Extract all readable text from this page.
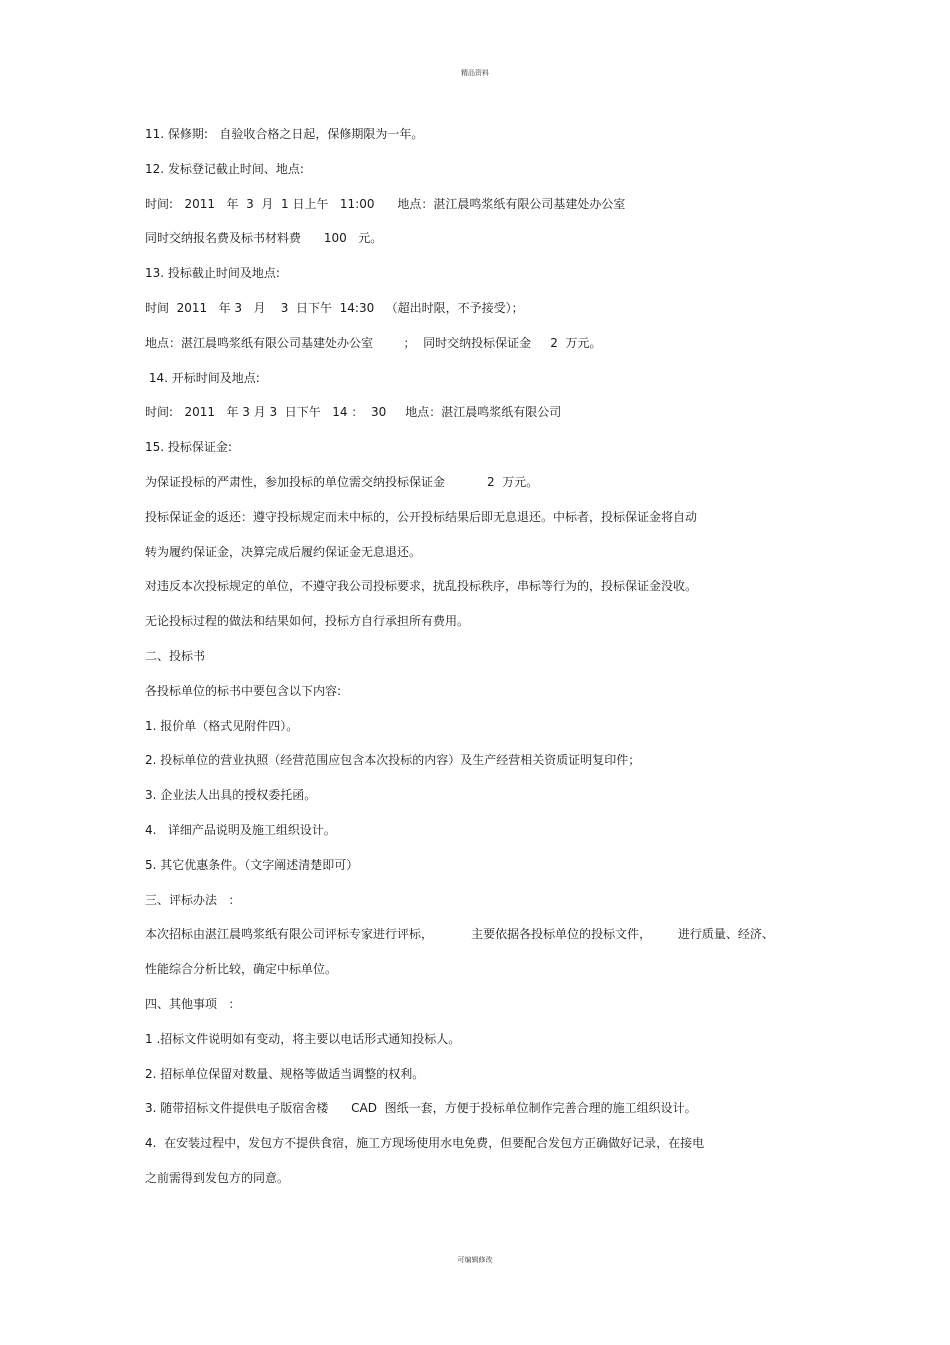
精品资料
11. 保修期:   自验收合格之日起，保修期限为一年。
12. 发标登记截止时间、地点:
时间:   2011   年  3  月  1 日上午   11:00      地点：湛江晨鸣浆纸有限公司基建处办公室
同时交纳报名费及标书材料费      100   元。
13. 投标截止时间及地点:
时间  2011   年 3   月    3  日下午  14:30   （超出时限，不予接受）；
地点：湛江晨鸣浆纸有限公司基建处办公室        ；  同时交纳投标保证金     2  万元。
14. 开标时间及地点:
时间:   2011   年 3 月 3  日下午   14 ：  30     地点：湛江晨鸣浆纸有限公司
15. 投标保证金:
为保证投标的严肃性，参加投标的单位需交纳投标保证金           2  万元。
投标保证金的返还：遵守投标规定而未中标的，公开投标结果后即无息退还。中标者，投标保证金将自动
转为履约保证金，决算完成后履约保证金无息退还。
对违反本次投标规定的单位，不遵守我公司投标要求，扰乱投标秩序，串标等行为的，投标保证金没收。
无论投标过程的做法和结果如何，投标方自行承担所有费用。
二、投标书
各投标单位的标书中要包含以下内容:
1. 报价单（格式见附件四）。
2. 投标单位的营业执照（经营范围应包含本次投标的内容）及生产经营相关资质证明复印件；
3. 企业法人出具的授权委托函。
4.   详细产品说明及施工组织设计。
5. 其它优惠条件。（文字阐述清楚即可）
三、评标办法   ：
本次招标由湛江晨鸣浆纸有限公司评标专家进行评标，          主要依据各投标单位的投标文件，       进行质量、经济、
性能综合分析比较，确定中标单位。
四、其他事项   ：
1 .招标文件说明如有变动，将主要以电话形式通知投标人。
2. 招标单位保留对数量、规格等做适当调整的权利。
3. 随带招标文件提供电子版宿舍楼      CAD  图纸一套，方便于投标单位制作完善合理的施工组织设计。
4.  在安装过程中，发包方不提供食宿，施工方现场使用水电免费，但要配合发包方正确做好记录，在接电
之前需得到发包方的同意。
可编辑修改
